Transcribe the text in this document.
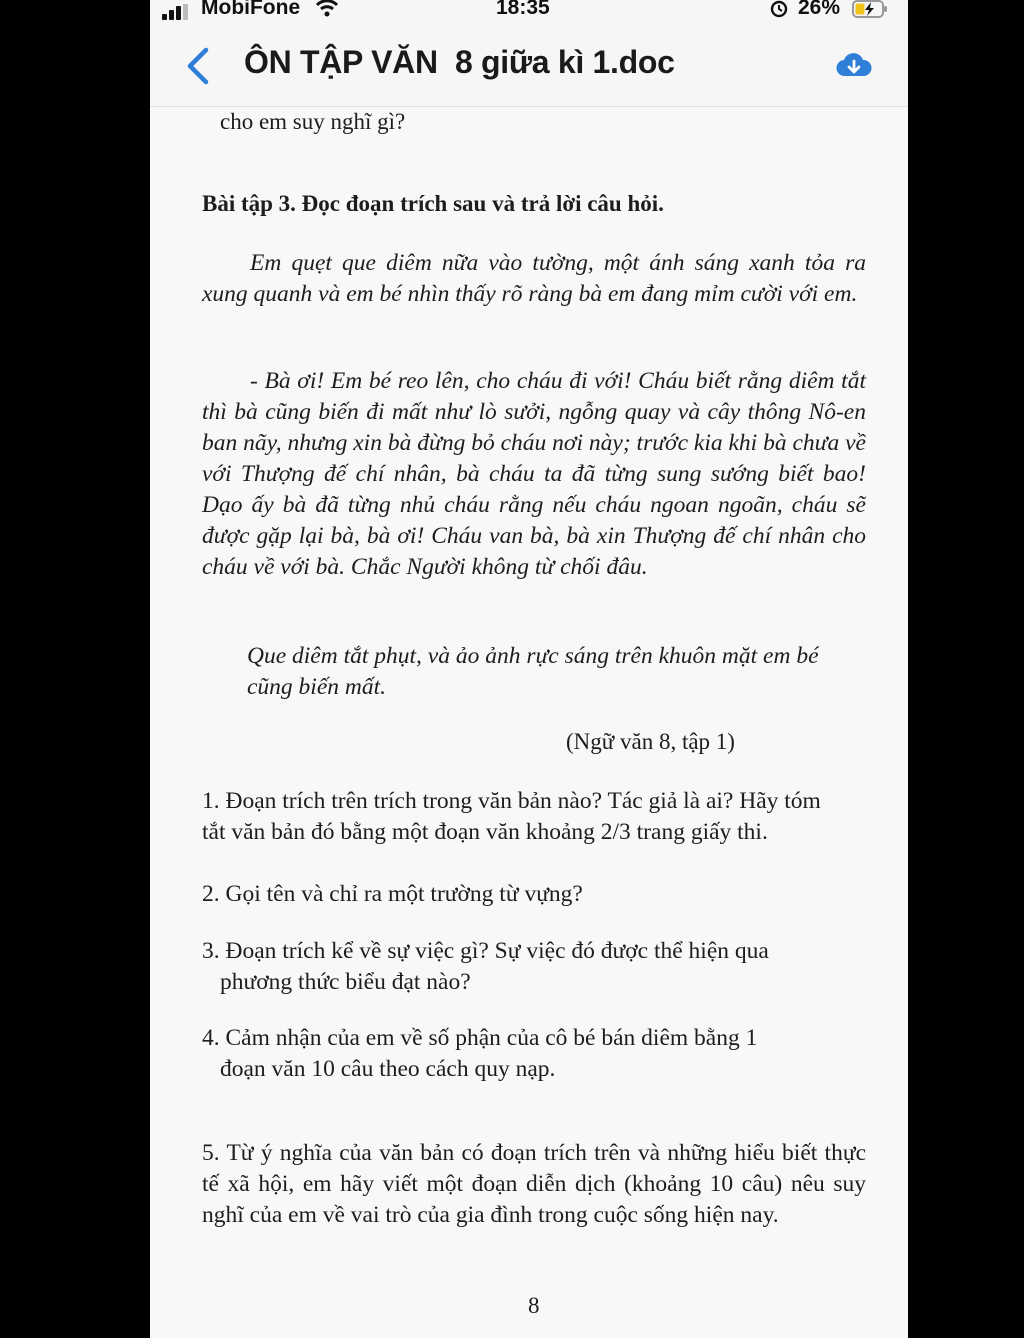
MobiFone	18:35	26%
ÔN TẬP VĂN  8 giữa kì 1.doc
cho em suy nghĩ gì?
Bài tập 3. Đọc đoạn trích sau và trả lời câu hỏi.

Em quẹt que diêm nữa vào tường, một ánh sáng xanh tỏa ra xung quanh và em bé nhìn thấy rõ ràng bà em đang mỉm cười với em.

- Bà ơi! Em bé reo lên, cho cháu đi với! Cháu biết rằng diêm tắt thì bà cũng biến đi mất như lò sưởi, ngỗng quay và cây thông Nô-en ban nãy, nhưng xin bà đừng bỏ cháu nơi này; trước kia khi bà chưa về với Thượng đế chí nhân, bà cháu ta đã từng sung sướng biết bao! Dạo ấy bà đã từng nhủ cháu rằng nếu cháu ngoan ngoãn, cháu sẽ được gặp lại bà, bà ơi! Cháu van bà, bà xin Thượng đế chí nhân cho cháu về với bà. Chắc Người không từ chối đâu.

Que diêm tắt phụt, và ảo ảnh rực sáng trên khuôn mặt em bé cũng biến mất.

(Ngữ văn 8, tập 1)

1. Đoạn trích trên trích trong văn bản nào? Tác giả là ai? Hãy tóm tắt văn bản đó bằng một đoạn văn khoảng 2/3 trang giấy thi.

2. Gọi tên và chỉ ra một trường từ vựng?

3. Đoạn trích kể về sự việc gì? Sự việc đó được thể hiện qua
phương thức biểu đạt nào?
4. Cảm nhận của em về số phận của cô bé bán diêm bằng 1
đoạn văn 10 câu theo cách quy nạp.

5. Từ ý nghĩa của văn bản có đoạn trích trên và những hiểu biết thực tế xã hội, em hãy viết một đoạn diễn dịch (khoảng 10 câu) nêu suy nghĩ của em về vai trò của gia đình trong cuộc sống hiện nay.

8
